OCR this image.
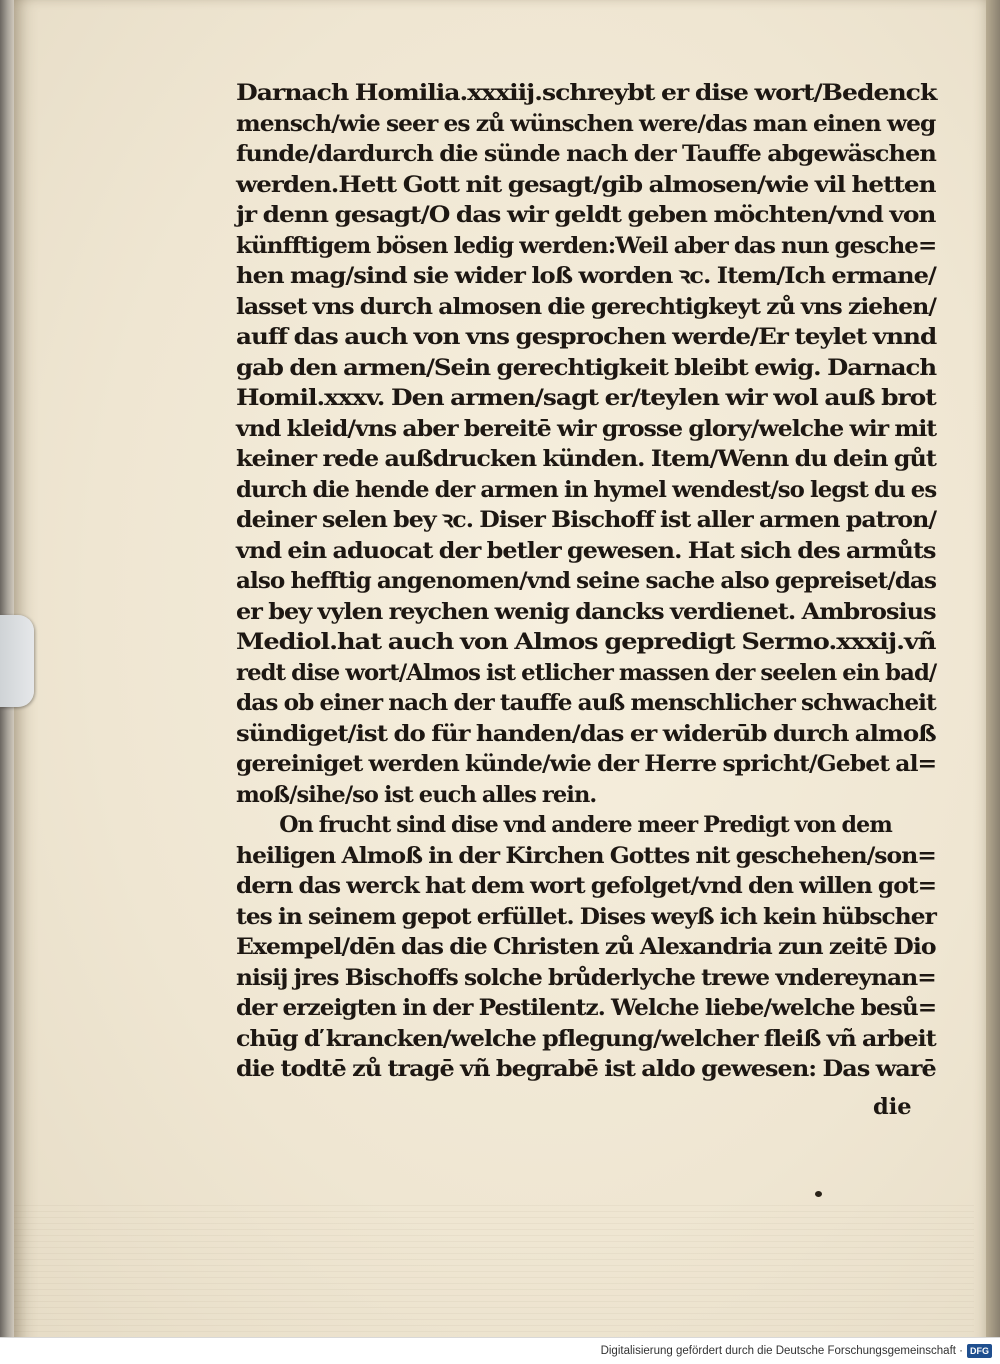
Darnach Homilia.xxxiij.schreybt er dise wort/Bedenck
mensch/wie seer es zů wünschen were/das man einen weg
funde/dardurch die sünde nach der Tauffe abgewäschen
werden.Hett Gott nit gesagt/gib almosen/wie vil hetten
jr denn gesagt/O das wir geldt geben möchten/vnd von
künfftigem bösen ledig werden:Weil aber das nun gesche=
hen mag/sind sie wider loß worden ꝛc. Item/Ich ermane/
lasset vns durch almosen die gerechtigkeyt zů vns ziehen/
auff das auch von vns gesprochen werde/Er teylet vnnd
gab den armen/Sein gerechtigkeit bleibt ewig. Darnach
Homil.xxxv. Den armen/sagt er/teylen wir wol auß brot
vnd kleid/vns aber bereitē wir grosse glory/welche wir mit
keiner rede außdrucken künden. Item/Wenn du dein gůt
durch die hende der armen in hymel wendest/so legst du es
deiner selen bey ꝛc. Diser Bischoff ist aller armen patron/
vnd ein aduocat der betler gewesen. Hat sich des armůts
also hefftig angenomen/vnd seine sache also gepreiset/das
er bey vylen reychen wenig dancks verdienet. Ambrosius
Mediol.hat auch von Almos gepredigt Sermo.xxxij.vñ
redt dise wort/Almos ist etlicher massen der seelen ein bad/
das ob einer nach der tauffe auß menschlicher schwacheit
sündiget/ist do für handen/das er widerūb durch almoß
gereiniget werden künde/wie der Herre spricht/Gebet al=
moß/sihe/so ist euch alles rein.
On frucht sind dise vnd andere meer Predigt von dem
heiligen Almoß in der Kirchen Gottes nit geschehen/son=
dern das werck hat dem wort gefolget/vnd den willen got=
tes in seinem gepot erfüllet. Dises weyß ich kein hübscher
Exempel/dēn das die Christen zů Alexandria zun zeitē Dio
nisij jres Bischoffs solche brůderlyche trewe vndereynan=
der erzeigten in der Pestilentz. Welche liebe/welche besů=
chūg ď krancken/welche pflegung/welcher fleiß vñ arbeit
die todtē zů tragē vñ begrabē ist aldo gewesen: Das warē
die
Digitalisierung gefördert durch die Deutsche Forschungsgemeinschaft · DFG
